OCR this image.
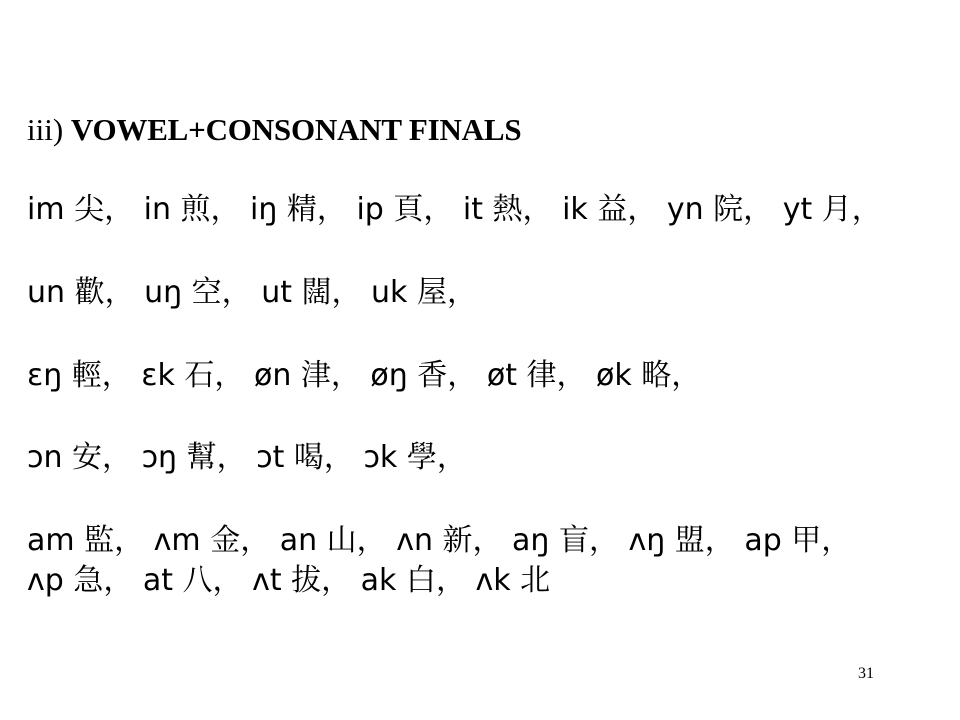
iii) VOWEL+CONSONANT FINALS
im 尖， in 煎， iŋ 精， ip 頁， it 熱， ik 益， yn 院， yt 月，
un 歡， uŋ 空， ut 闊， uk 屋，
ɛŋ 輕， ɛk 石， øn 津， øŋ 香， øt 律， øk 略，
ɔn 安， ɔŋ 幫， ɔt 喝， ɔk 學，
am 監， ʌm 金， an 山， ʌn 新， aŋ 盲， ʌŋ 盟， ap 甲，
ʌp 急， at 八， ʌt 拔， ak 白， ʌk 北
31
